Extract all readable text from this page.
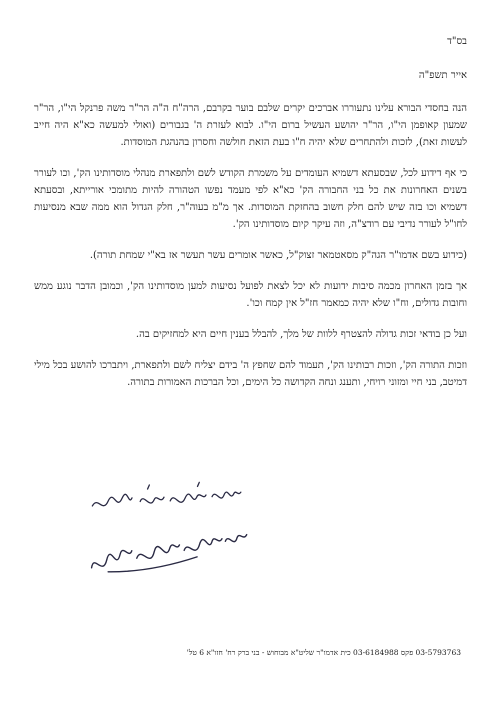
בס"ד
אייר תשפ"ה

הנה בחסדי הבורא עלינו נתעוררו אברכים יקרים שלבם בוער בקרבם, הרה"ח ה"ה הר"ר משה פרנקל הי"ו, הר"ר שמעון קאופמן הי"ו, הר"ר יהושע העשיל ברום הי"ו. לבוא לעזרת ה' בגבורים (ואולי למעשה כא"א היה חייב לעשות זאת), לזכות ולהתחרים שלא יהיה ח"ו בעת הזאת חולשה וחסרון בהנהגת המוסדות.

כי אף דידוע לכל, שבסעתא דשמיא העומדים על משמרת הקודש לשם ולתפארת מנהלי מוסדותינו הק', וכו לעורר בשנים האחרונות את כל בני החבורה הק' כא"א לפי מעמד נפשו הטהורה להיות מתומכי אורייתא, ובסעתא דשמיא וכו בזה שיש להם חלק חשוב בהחזקת המוסדות. אך מ"מ בעוה"ר, חלק הגדול הוא ממה שבא מנסיעות לחו"ל לעורר נדיבי עם רודצ"ה, וזה עיקר קיום מוסדותינו הק'.

(כידוע בשם אדמו"ר הגה"ק מסאטמאר זצוק"ל, כאשר אומרים עשר תעשר אז בא"י שמחת תורה).

אך בזמן האחרון מכמה סיבות ידועות לא יכל לצאת לפועל נסיעות למען מוסדותינו הק', וכמובן הדבר נוגע ממש וחובות גדולים, וח"ו שלא יהיה כמאמר חז"ל אין קמח וכו'.

ועל כן בודאי זכות גדולה להצטרף ללוות של מלך, להבלל בענין חיים היא למחזיקים בה.

וזכות התורה הק', וזכות רבותינו הק', תעמוד להם שחפץ ה' בידם יצליח לשם ולתפארת, ויתברכו להושע בכל מילי דמיטב, בני חיי ומזוני רויחי, ותענג ונחה הקדושה כל הימים, וכל הברכות האמורות בתורה.

03-5793763 פקס 03-6184988 כית אדמו"ר שליט"א מבוחוש - בני ברק רח' חזו"א 6 טל'
